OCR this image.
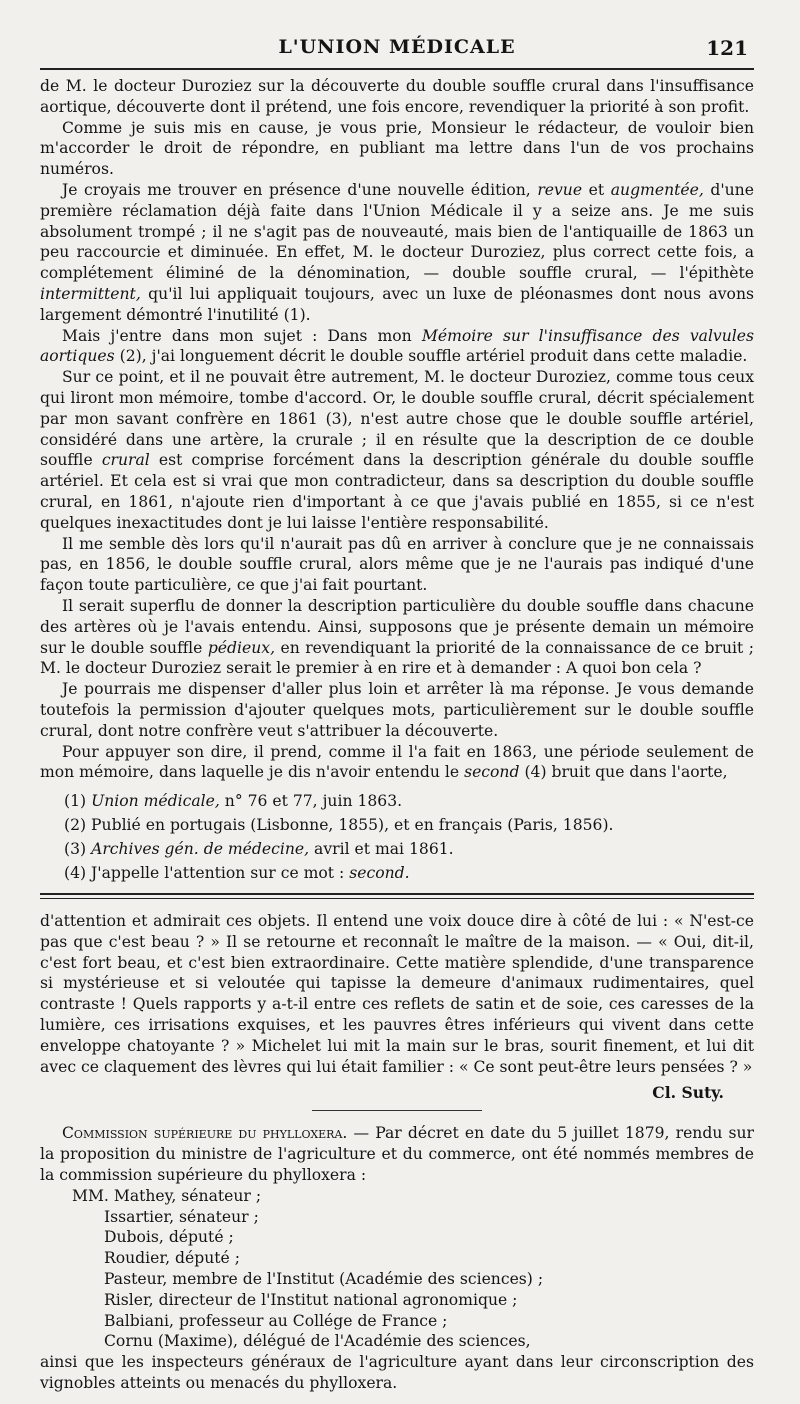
L'UNION MÉDICALE	121

de M. le docteur Duroziez sur la découverte du double souffle crural dans l'insuffisance aortique, découverte dont il prétend, une fois encore, revendiquer la priorité à son profit.

Comme je suis mis en cause, je vous prie, Monsieur le rédacteur, de vouloir bien m'accorder le droit de répondre, en publiant ma lettre dans l'un de vos prochains numéros.

Je croyais me trouver en présence d'une nouvelle édition, revue et augmentée, d'une première réclamation déjà faite dans l'Union Médicale il y a seize ans. Je me suis absolument trompé ; il ne s'agit pas de nouveauté, mais bien de l'antiquaille de 1863 un peu raccourcie et diminuée. En effet, M. le docteur Duroziez, plus correct cette fois, a complétement éliminé de la dénomination, — double souffle crural, — l'épithète intermittent, qu'il lui appliquait toujours, avec un luxe de pléonasmes dont nous avons largement démontré l'inutilité (1).

Mais j'entre dans mon sujet : Dans mon Mémoire sur l'insuffisance des valvules aortiques (2), j'ai longuement décrit le double souffle artériel produit dans cette maladie.

Sur ce point, et il ne pouvait être autrement, M. le docteur Duroziez, comme tous ceux qui liront mon mémoire, tombe d'accord. Or, le double souffle crural, décrit spécialement par mon savant confrère en 1861 (3), n'est autre chose que le double souffle artériel, considéré dans une artère, la crurale ; il en résulte que la description de ce double souffle crural est comprise forcément dans la description générale du double souffle artériel. Et cela est si vrai que mon contradicteur, dans sa description du double souffle crural, en 1861, n'ajoute rien d'important à ce que j'avais publié en 1855, si ce n'est quelques inexactitudes dont je lui laisse l'entière responsabilité.

Il me semble dès lors qu'il n'aurait pas dû en arriver à conclure que je ne connaissais pas, en 1856, le double souffle crural, alors même que je ne l'aurais pas indiqué d'une façon toute particulière, ce que j'ai fait pourtant.

Il serait superflu de donner la description particulière du double souffle dans chacune des artères où je l'avais entendu. Ainsi, supposons que je présente demain un mémoire sur le double souffle pédieux, en revendiquant la priorité de la connaissance de ce bruit ; M. le docteur Duroziez serait le premier à en rire et à demander : A quoi bon cela ?

Je pourrais me dispenser d'aller plus loin et arrêter là ma réponse. Je vous demande toutefois la permission d'ajouter quelques mots, particulièrement sur le double souffle crural, dont notre confrère veut s'attribuer la découverte.

Pour appuyer son dire, il prend, comme il l'a fait en 1863, une période seulement de mon mémoire, dans laquelle je dis n'avoir entendu le second (4) bruit que dans l'aorte,

(1) Union médicale, n° 76 et 77, juin 1863.
(2) Publié en portugais (Lisbonne, 1855), et en français (Paris, 1856).
(3) Archives gén. de médecine, avril et mai 1861.
(4) J'appelle l'attention sur ce mot : second.

d'attention et admirait ces objets. Il entend une voix douce dire à côté de lui : « N'est-ce pas que c'est beau ? » Il se retourne et reconnaît le maître de la maison. — « Oui, dit-il, c'est fort beau, et c'est bien extraordinaire. Cette matière splendide, d'une transparence si mystérieuse et si veloutée qui tapisse la demeure d'animaux rudimentaires, quel contraste ! Quels rapports y a-t-il entre ces reflets de satin et de soie, ces caresses de la lumière, ces irrisations exquises, et les pauvres êtres inférieurs qui vivent dans cette enveloppe chatoyante ? » Michelet lui mit la main sur le bras, sourit finement, et lui dit avec ce claquement des lèvres qui lui était familier : « Ce sont peut-être leurs pensées ? »

Cl. Suty.

Commission supérieure du phylloxera. — Par décret en date du 5 juillet 1879, rendu sur la proposition du ministre de l'agriculture et du commerce, ont été nommés membres de la commission supérieure du phylloxera :

MM. Mathey, sénateur ;
Issartier, sénateur ;
Dubois, député ;
Roudier, député ;
Pasteur, membre de l'Institut (Académie des sciences) ;
Risler, directeur de l'Institut national agronomique ;
Balbiani, professeur au Collége de France ;
Cornu (Maxime), délégué de l'Académie des sciences,

ainsi que les inspecteurs généraux de l'agriculture ayant dans leur circonscription des vignobles atteints ou menacés du phylloxera.
